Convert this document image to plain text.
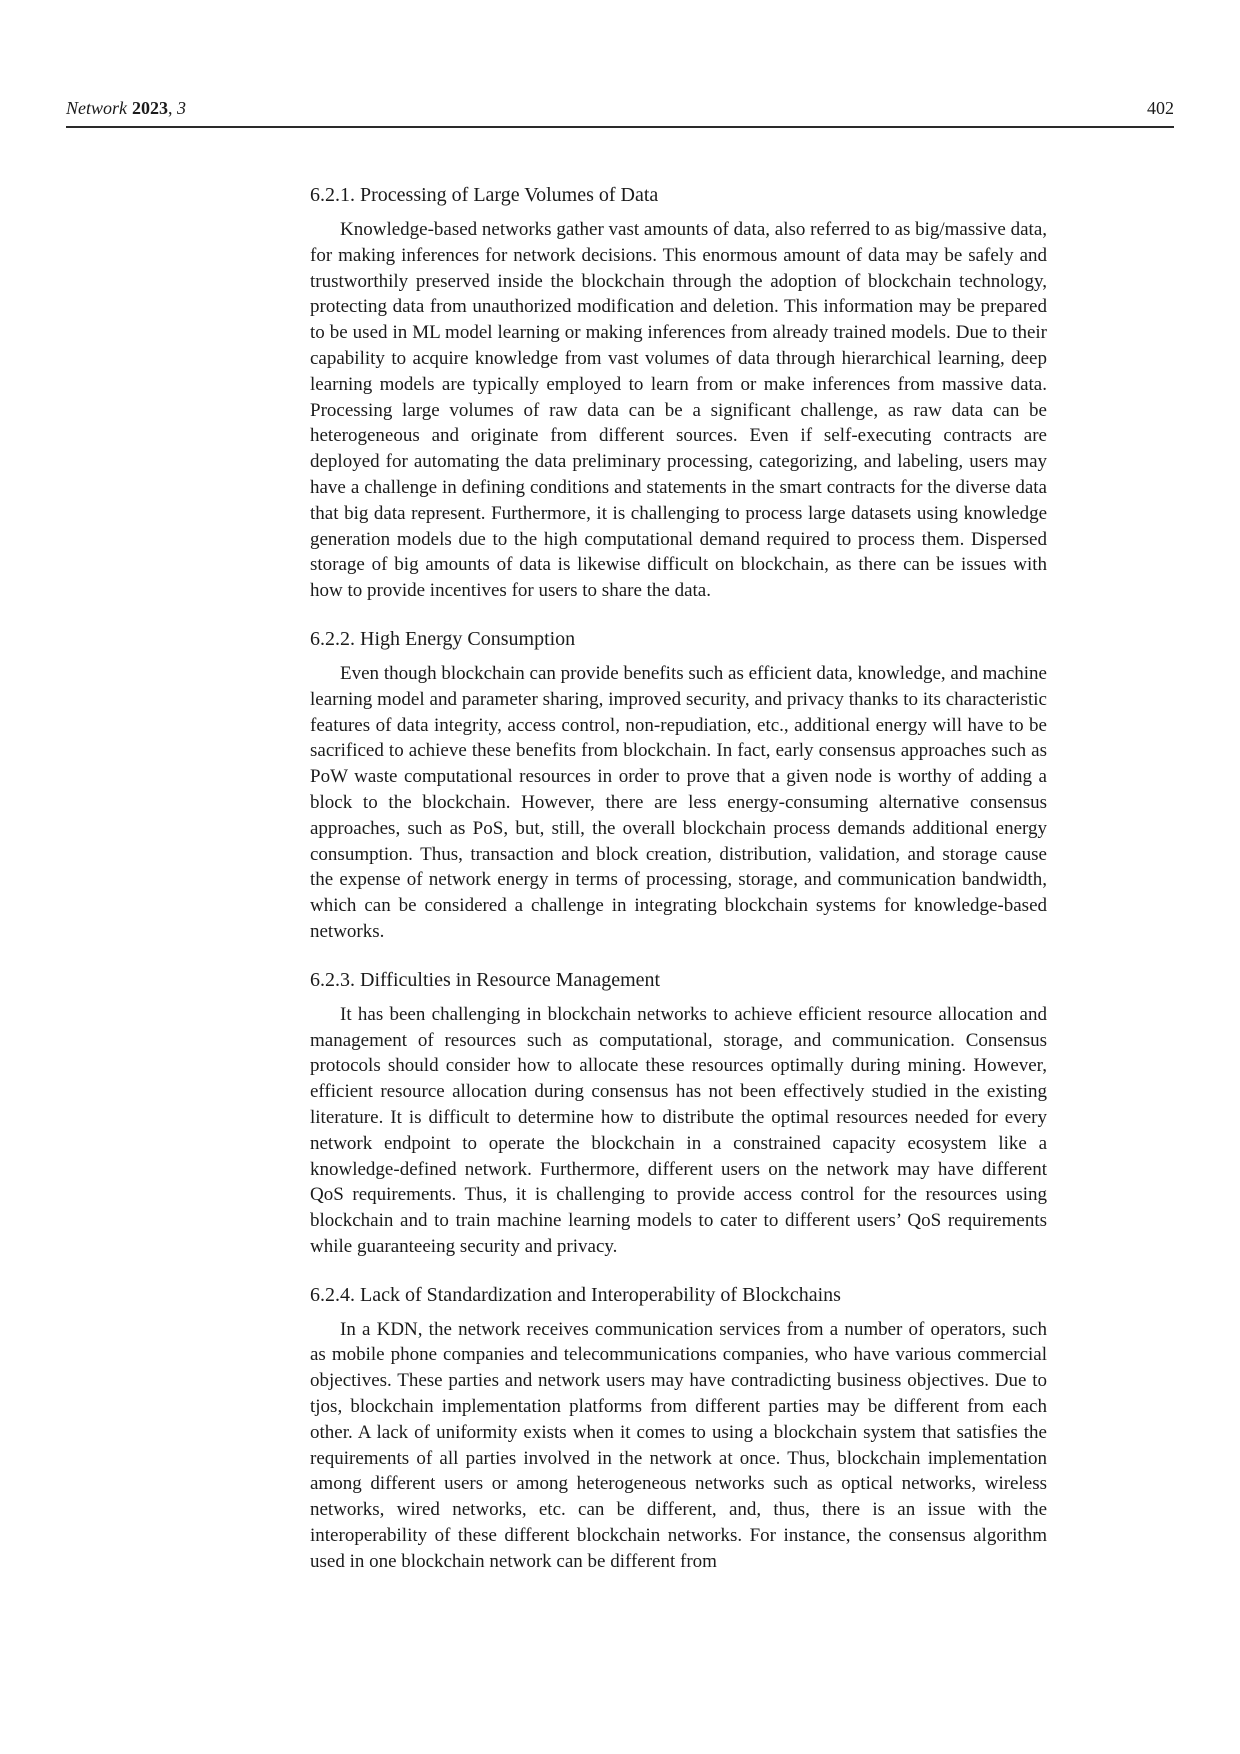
Network 2023, 3	402
6.2.1. Processing of Large Volumes of Data

Knowledge-based networks gather vast amounts of data, also referred to as big/massive data, for making inferences for network decisions. This enormous amount of data may be safely and trustworthily preserved inside the blockchain through the adoption of blockchain technology, protecting data from unauthorized modification and deletion. This information may be prepared to be used in ML model learning or making inferences from already trained models. Due to their capability to acquire knowledge from vast volumes of data through hierarchical learning, deep learning models are typically employed to learn from or make inferences from massive data. Processing large volumes of raw data can be a significant challenge, as raw data can be heterogeneous and originate from different sources. Even if self-executing contracts are deployed for automating the data preliminary processing, categorizing, and labeling, users may have a challenge in defining conditions and statements in the smart contracts for the diverse data that big data represent. Furthermore, it is challenging to process large datasets using knowledge generation models due to the high computational demand required to process them. Dispersed storage of big amounts of data is likewise difficult on blockchain, as there can be issues with how to provide incentives for users to share the data.

6.2.2. High Energy Consumption

Even though blockchain can provide benefits such as efficient data, knowledge, and machine learning model and parameter sharing, improved security, and privacy thanks to its characteristic features of data integrity, access control, non-repudiation, etc., additional energy will have to be sacrificed to achieve these benefits from blockchain. In fact, early consensus approaches such as PoW waste computational resources in order to prove that a given node is worthy of adding a block to the blockchain. However, there are less energy-consuming alternative consensus approaches, such as PoS, but, still, the overall blockchain process demands additional energy consumption. Thus, transaction and block creation, distribution, validation, and storage cause the expense of network energy in terms of processing, storage, and communication bandwidth, which can be considered a challenge in integrating blockchain systems for knowledge-based networks.

6.2.3. Difficulties in Resource Management

It has been challenging in blockchain networks to achieve efficient resource allocation and management of resources such as computational, storage, and communication. Consensus protocols should consider how to allocate these resources optimally during mining. However, efficient resource allocation during consensus has not been effectively studied in the existing literature. It is difficult to determine how to distribute the optimal resources needed for every network endpoint to operate the blockchain in a constrained capacity ecosystem like a knowledge-defined network. Furthermore, different users on the network may have different QoS requirements. Thus, it is challenging to provide access control for the resources using blockchain and to train machine learning models to cater to different users’ QoS requirements while guaranteeing security and privacy.

6.2.4. Lack of Standardization and Interoperability of Blockchains

In a KDN, the network receives communication services from a number of operators, such as mobile phone companies and telecommunications companies, who have various commercial objectives. These parties and network users may have contradicting business objectives. Due to tjos, blockchain implementation platforms from different parties may be different from each other. A lack of uniformity exists when it comes to using a blockchain system that satisfies the requirements of all parties involved in the network at once. Thus, blockchain implementation among different users or among heterogeneous networks such as optical networks, wireless networks, wired networks, etc. can be different, and, thus, there is an issue with the interoperability of these different blockchain networks. For instance, the consensus algorithm used in one blockchain network can be different from
